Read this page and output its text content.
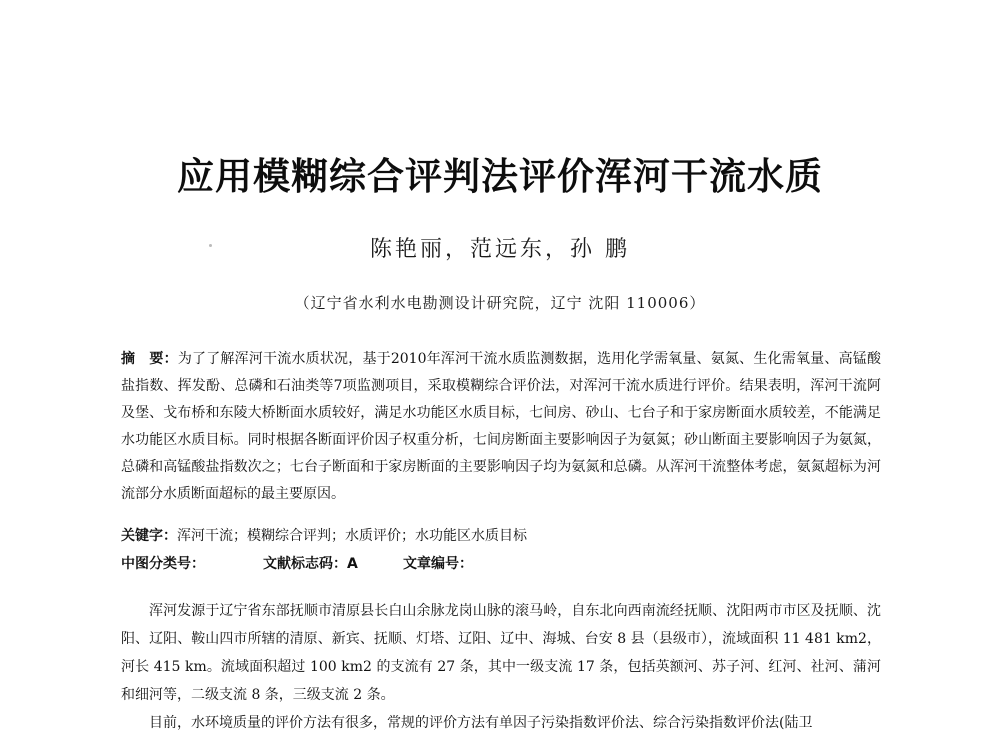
应用模糊综合评判法评价浑河干流水质
陈艳丽，范远东，孙 鹏
（辽宁省水利水电勘测设计研究院，辽宁 沈阳 110006）
摘　要：为了了解浑河干流水质状况，基于2010年浑河干流水质监测数据，选用化学需氧量、氨氮、生化需氧量、高锰酸盐指数、挥发酚、总磷和石油类等7项监测项目，采取模糊综合评价法，对浑河干流水质进行评价。结果表明，浑河干流阿及堡、戈布桥和东陵大桥断面水质较好，满足水功能区水质目标，七间房、砂山、七台子和于家房断面水质较差，不能满足水功能区水质目标。同时根据各断面评价因子权重分析，七间房断面主要影响因子为氨氮；砂山断面主要影响因子为氨氮，总磷和高锰酸盐指数次之；七台子断面和于家房断面的主要影响因子均为氨氮和总磷。从浑河干流整体考虑，氨氮超标为河流部分水质断面超标的最主要原因。
关键字：浑河干流；模糊综合评判；水质评价；水功能区水质目标
中图分类号：	文献标志码：A	文章编号：

浑河发源于辽宁省东部抚顺市清原县长白山余脉龙岗山脉的滚马岭，自东北向西南流经抚顺、沈阳两市市区及抚顺、沈阳、辽阳、鞍山四市所辖的清原、新宾、抚顺、灯塔、辽阳、辽中、海城、台安 8 县（县级市），流域面积 11 481 km2，河长 415 km。流域面积超过 100 km2 的支流有 27 条，其中一级支流 17 条，包括英额河、苏子河、红河、社河、蒲河和细河等，二级支流 8 条，三级支流 2 条。

目前，水环境质量的评价方法有很多，常规的评价方法有单因子污染指数评价法、综合污染指数评价法(陆卫
